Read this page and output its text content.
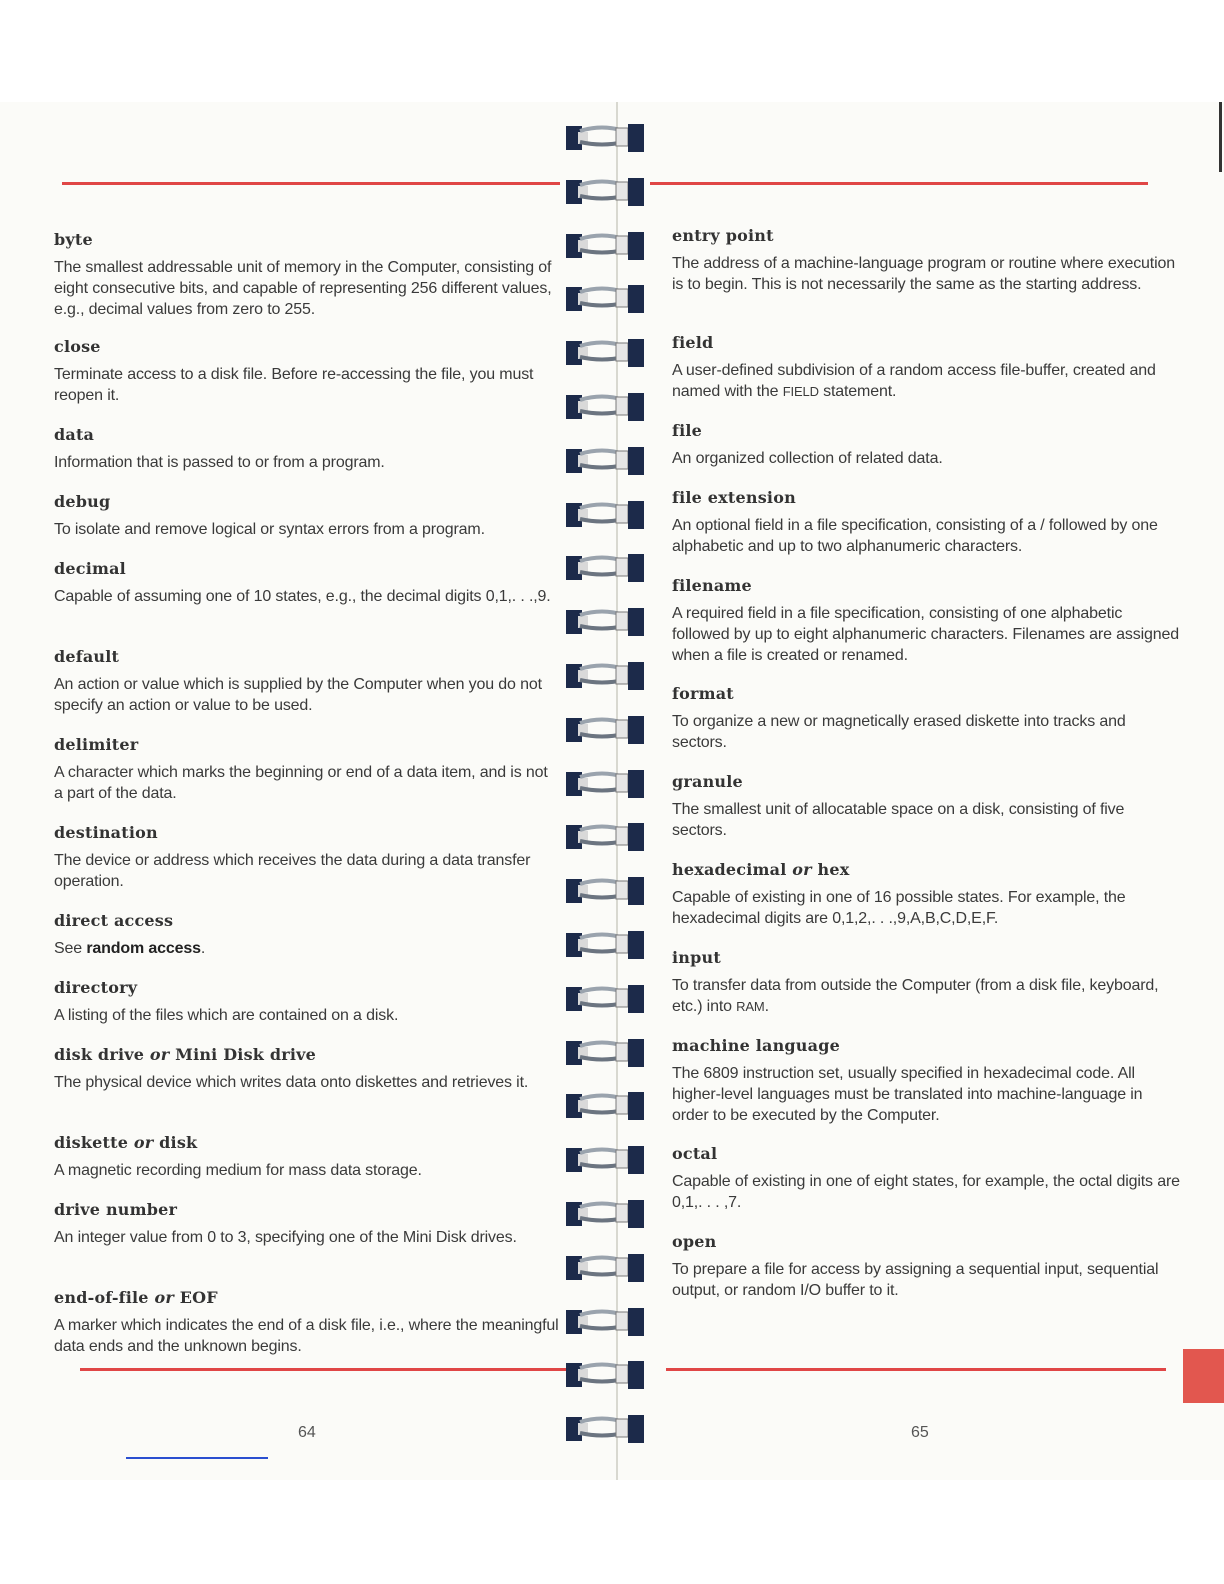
byte

The smallest addressable unit of memory in the Computer, consisting of eight consecutive bits, and capable of representing 256 different values, e.g., decimal values from zero to 255.

close

Terminate access to a disk file. Before re-accessing the file, you must reopen it.

data

Information that is passed to or from a program.

debug

To isolate and remove logical or syntax errors from a program.

decimal

Capable of assuming one of 10 states, e.g., the decimal digits 0,1,. . .,9.

default

An action or value which is supplied by the Computer when you do not specify an action or value to be used.

delimiter

A character which marks the beginning or end of a data item, and is not a part of the data.

destination

The device or address which receives the data during a data transfer operation.

direct access

See random access.

directory

A listing of the files which are contained on a disk.

disk drive or Mini Disk drive

The physical device which writes data onto diskettes and retrieves it.

diskette or disk

A magnetic recording medium for mass data storage.

drive number

An integer value from 0 to 3, specifying one of the Mini Disk drives.

end-of-file or EOF

A marker which indicates the end of a disk file, i.e., where the meaningful data ends and the unknown begins.

entry point

The address of a machine-language program or routine where execution is to begin. This is not necessarily the same as the starting address.

field

A user-defined subdivision of a random access file-buffer, created and named with the FIELD statement.

file

An organized collection of related data.

file extension

An optional field in a file specification, consisting of a / followed by one alphabetic and up to two alphanumeric characters.

filename

A required field in a file specification, consisting of one alphabetic followed by up to eight alphanumeric characters. Filenames are assigned when a file is created or renamed.

format

To organize a new or magnetically erased diskette into tracks and sectors.

granule

The smallest unit of allocatable space on a disk, consisting of five sectors.

hexadecimal or hex

Capable of existing in one of 16 possible states. For example, the hexadecimal digits are 0,1,2,. . .,9,A,B,C,D,E,F.

input

To transfer data from outside the Computer (from a disk file, keyboard, etc.) into RAM.

machine language

The 6809 instruction set, usually specified in hexadecimal code. All higher-level languages must be translated into machine-language in order to be executed by the Computer.

octal

Capable of existing in one of eight states, for example, the octal digits are 0,1,. . . ,7.

open

To prepare a file for access by assigning a sequential input, sequential output, or random I/O buffer to it.

64	65
